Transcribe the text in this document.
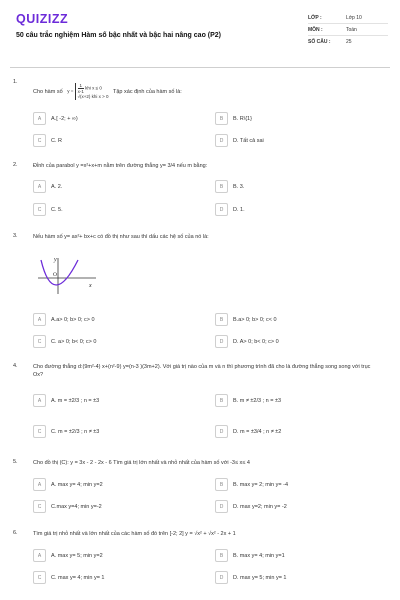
QUIZIZZ
50 câu trắc nghiệm Hàm số bậc nhất và bậc hai nâng cao (P2)
LỚP :	Lớp 10
MÔN :	Toán
SỐ CÂU :	25
1.
Cho hàm số $y = \frac{1}{x-1}$ khi x ≤ 0
√(x+2) khi x > 0
Tập xác định của hàm số là:
A	A.[ -2; + ∞)	B	B. R\{1}
C	C. R	D	D. Tất cả sai
2.	Đỉnh của parabol y =x²+x+m nằm trên đường thẳng y= 3/4 nếu m bằng:
A	A. 2.	B	B. 3.
C	C. 5.	D	D. 1.
3.	Nếu hàm số y= ax²+ bx+c có đồ thị như sau thì dấu các hệ số của nó là:
y
O
x
A	A.a> 0; b> 0; c> 0	B	B.a> 0; b> 0; c< 0
C	C. a> 0; b< 0; c> 0	D	D. A> 0; b< 0; c> 0
4.	Cho đường thẳng d:(9m²-4) x+(n²-9) y=(n-3 )(3m+2). Với giá trị nào của m và n thì phương trình đã cho là đường thẳng song song với trục Ox?
A	A. m = ±2/3 ; n = ±3	B	B. m ≠ ±2/3 ; n = ±3
C	C. m = ±2/3 ; n ≠ ±3	D	D. m = ±3/4 ; n ≠ ±2
5.	Cho đồ thị (C): y = 3x - 2 - 2x - 6 Tìm giá trị lớn nhất và nhỏ nhất của hàm số với -3≤ x≤ 4
A	A. max y= 4; min y=2	B	B. max y= 2; min y= -4
C	C.max y=4; min y=-2	D	D. max y=2; min y= -2
6.	Tìm giá trị nhỏ nhất và lớn nhất của các hàm số đó trên [-2; 2] y = √x² + √x² - 2x + 1
A	A. max y= 5; min y=2	B	B. max y= 4; min y=1
C	C. max y= 4; min y= 1	D	D. max y= 5; min y= 1
